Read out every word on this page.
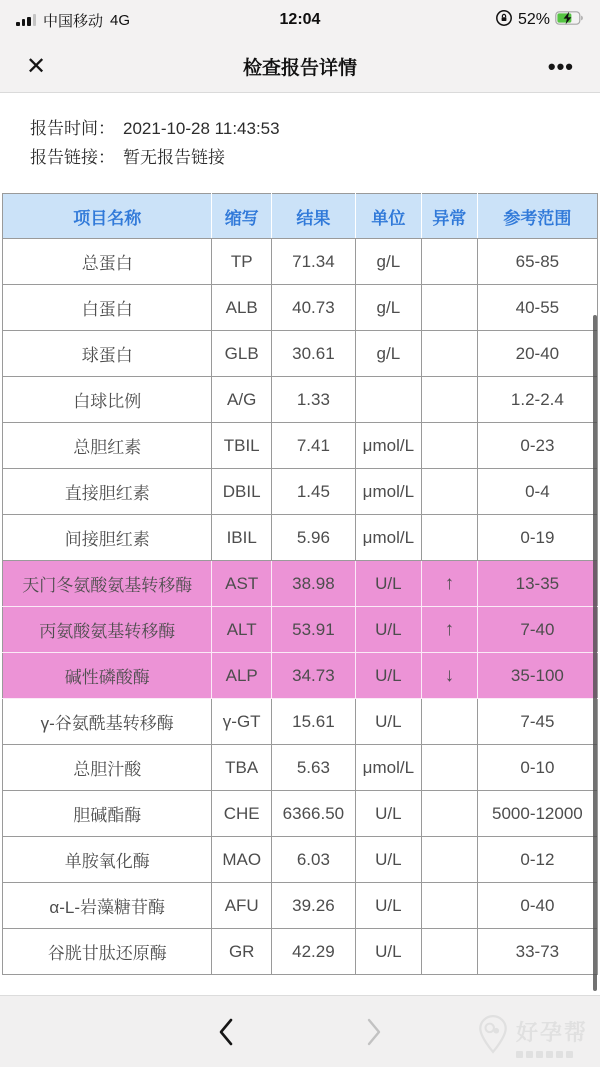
中国移动 4G	12:04	52%
✕	检查报告详情	•••
报告时间： 2021-10-28 11:43:53
报告链接： 暂无报告链接
项目名称	缩写	结果	单位	异常	参考范围
总蛋白	TP	71.34	g/L		65-85
白蛋白	ALB	40.73	g/L		40-55
球蛋白	GLB	30.61	g/L		20-40
白球比例	A/G	1.33			1.2-2.4
总胆红素	TBIL	7.41	μmol/L		0-23
直接胆红素	DBIL	1.45	μmol/L		0-4
间接胆红素	IBIL	5.96	μmol/L		0-19
天门冬氨酸氨基转移酶	AST	38.98	U/L	↑	13-35
丙氨酸氨基转移酶	ALT	53.91	U/L	↑	7-40
碱性磷酸酶	ALP	34.73	U/L	↓	35-100
γ-谷氨酰基转移酶	γ-GT	15.61	U/L		7-45
总胆汁酸	TBA	5.63	μmol/L		0-10
胆碱酯酶	CHE	6366.50	U/L		5000-12000
单胺氧化酶	MAO	6.03	U/L		0-12
α-L-岩藻糖苷酶	AFU	39.26	U/L		0-40
谷胱甘肽还原酶	GR	42.29	U/L		33-73
好孕帮
